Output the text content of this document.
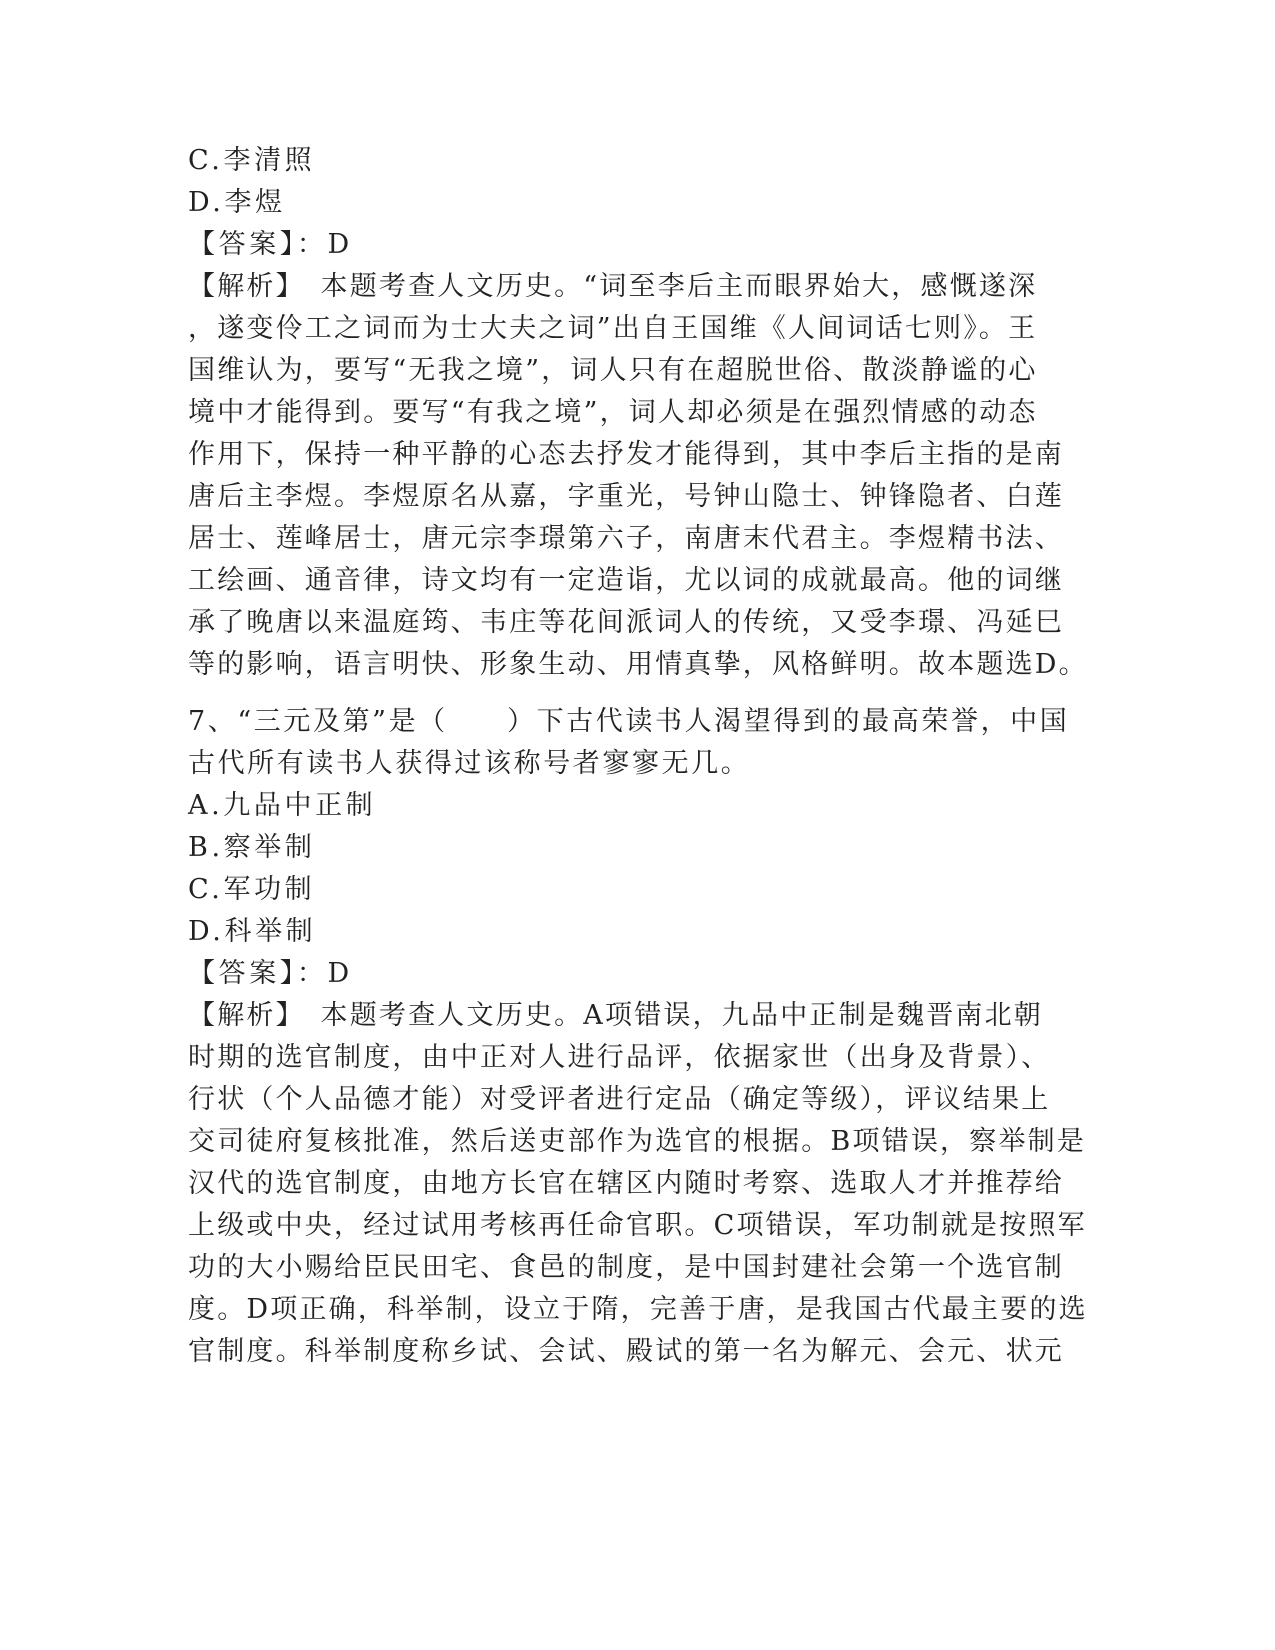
C.李清照
D.李煜
【答案】：D
【解析】　本题考查人文历史。“词至李后主而眼界始大，感慨遂深
，遂变伶工之词而为士大夫之词”出自王国维《人间词话七则》。王
国维认为，要写“无我之境”，词人只有在超脱世俗、散淡静谧的心
境中才能得到。要写“有我之境”，词人却必须是在强烈情感的动态
作用下，保持一种平静的心态去抒发才能得到，其中李后主指的是南
唐后主李煜。李煜原名从嘉，字重光，号钟山隐士、钟锋隐者、白莲
居士、莲峰居士，唐元宗李璟第六子，南唐末代君主。李煜精书法、
工绘画、通音律，诗文均有一定造诣，尤以词的成就最高。他的词继
承了晚唐以来温庭筠、韦庄等花间派词人的传统，又受李璟、冯延巳
等的影响，语言明快、形象生动、用情真挚，风格鲜明。故本题选D。
7、“三元及第”是（　　）下古代读书人渴望得到的最高荣誉，中国
古代所有读书人获得过该称号者寥寥无几。
A.九品中正制
B.察举制
C.军功制
D.科举制
【答案】：D
【解析】　本题考查人文历史。A项错误，九品中正制是魏晋南北朝
时期的选官制度，由中正对人进行品评，依据家世（出身及背景）、
行状（个人品德才能）对受评者进行定品（确定等级），评议结果上
交司徒府复核批准，然后送吏部作为选官的根据。B项错误，察举制是
汉代的选官制度，由地方长官在辖区内随时考察、选取人才并推荐给
上级或中央，经过试用考核再任命官职。C项错误，军功制就是按照军
功的大小赐给臣民田宅、食邑的制度，是中国封建社会第一个选官制
度。D项正确，科举制，设立于隋，完善于唐，是我国古代最主要的选
官制度。科举制度称乡试、会试、殿试的第一名为解元、会元、状元
